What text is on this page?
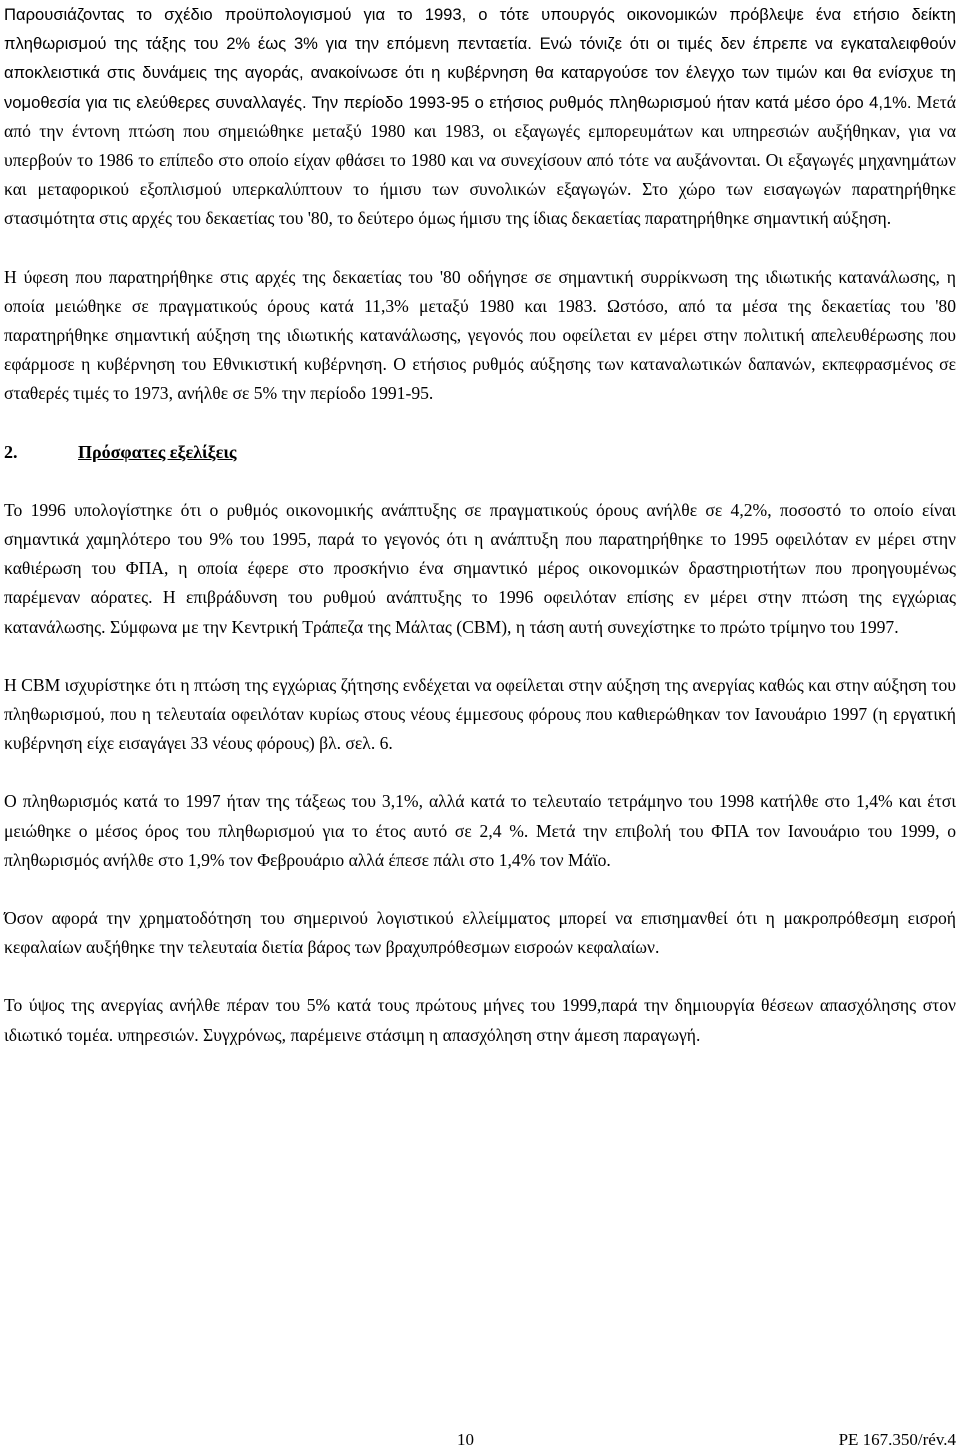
Παρουσιάζοντας το σχέδιο προϋπολογισμού για το 1993, ο τότε υπουργός οικονομικών πρόβλεψε ένα ετήσιο δείκτη πληθωρισμού της τάξης του 2% έως 3% για την επόμενη πενταετία. Ενώ τόνιζε ότι οι τιμές δεν έπρεπε να εγκαταλειφθούν αποκλειστικά στις δυνάμεις της αγοράς, ανακοίνωσε ότι η κυβέρνηση θα καταργούσε τον έλεγχο των τιμών και θα ενίσχυε τη νομοθεσία για τις ελεύθερες συναλλαγές. Την περίοδο 1993-95 ο ετήσιος ρυθμός πληθωρισμού ήταν κατά μέσο όρο 4,1%. Μετά από την έντονη πτώση που σημειώθηκε μεταξύ 1980 και 1983, οι εξαγωγές εμπορευμάτων και υπηρεσιών αυξήθηκαν, για να υπερβούν το 1986 το επίπεδο στο οποίο είχαν φθάσει το 1980 και να συνεχίσουν από τότε να αυξάνονται. Οι εξαγωγές μηχανημάτων και μεταφορικού εξοπλισμού υπερκαλύπτουν το ήμισυ των συνολικών εξαγωγών. Στο χώρο των εισαγωγών παρατηρήθηκε στασιμότητα στις αρχές του δεκαετίας του '80, το δεύτερο όμως ήμισυ της ίδιας δεκαετίας παρατηρήθηκε σημαντική αύξηση.

Η ύφεση που παρατηρήθηκε στις αρχές της δεκαετίας του '80 οδήγησε σε σημαντική συρρίκνωση της ιδιωτικής κατανάλωσης, η οποία μειώθηκε σε πραγματικούς όρους κατά 11,3% μεταξύ 1980 και 1983. Ωστόσο, από τα μέσα της δεκαετίας του '80 παρατηρήθηκε σημαντική αύξηση της ιδιωτικής κατανάλωσης, γεγονός που οφείλεται εν μέρει στην πολιτική απελευθέρωσης που εφάρμοσε η κυβέρνηση του Εθνικιστική κυβέρνηση. Ο ετήσιος ρυθμός αύξησης των καταναλωτικών δαπανών, εκπεφρασμένος σε σταθερές τιμές το 1973, ανήλθε σε 5% την περίοδο 1991-95.

2.	Πρόσφατες εξελίξεις

Το 1996 υπολογίστηκε ότι ο ρυθμός οικονομικής ανάπτυξης σε πραγματικούς όρους ανήλθε σε 4,2%, ποσοστό το οποίο είναι σημαντικά χαμηλότερο του 9% του 1995, παρά το γεγονός ότι η ανάπτυξη που παρατηρήθηκε το 1995 οφειλόταν εν μέρει στην καθιέρωση του ΦΠΑ, η οποία έφερε στο προσκήνιο ένα σημαντικό μέρος οικονομικών δραστηριοτήτων που προηγουμένως παρέμεναν αόρατες. Η επιβράδυνση του ρυθμού ανάπτυξης το 1996 οφειλόταν επίσης εν μέρει στην πτώση της εγχώριας κατανάλωσης. Σύμφωνα με την Κεντρική Τράπεζα της Μάλτας (CBM), η τάση αυτή συνεχίστηκε το πρώτο τρίμηνο του 1997.

Η CBM ισχυρίστηκε ότι η πτώση της εγχώριας ζήτησης ενδέχεται να οφείλεται στην αύξηση της ανεργίας καθώς και στην αύξηση του πληθωρισμού, που η τελευταία οφειλόταν κυρίως στους νέους έμμεσους φόρους που καθιερώθηκαν τον Ιανουάριο 1997 (η εργατική κυβέρνηση είχε εισαγάγει 33 νέους φόρους) βλ. σελ. 6.

Ο πληθωρισμός κατά το 1997 ήταν της τάξεως του 3,1%, αλλά κατά το τελευταίο τετράμηνο του 1998 κατήλθε στο 1,4% και έτσι μειώθηκε ο μέσος όρος του πληθωρισμού για το έτος αυτό σε 2,4 %. Μετά την επιβολή του ΦΠΑ τον Ιανουάριο του 1999, ο πληθωρισμός ανήλθε στο 1,9% τον Φεβρουάριο αλλά έπεσε πάλι στο 1,4% τον Μάϊο.

Όσον αφορά την χρηματοδότηση του σημερινού λογιστικού ελλείμματος μπορεί να επισημανθεί ότι η μακροπρόθεσμη εισροή κεφαλαίων αυξήθηκε την τελευταία διετία βάρος των βραχυπρόθεσμων εισροών κεφαλαίων.

Το ύψος της ανεργίας ανήλθε πέραν του 5% κατά τους πρώτους μήνες του 1999,παρά την δημιουργία θέσεων απασχόλησης στον ιδιωτικό τομέα. υπηρεσιών. Συγχρόνως, παρέμεινε στάσιμη η απασχόληση στην άμεση παραγωγή.

10	PE 167.350/rév.4
